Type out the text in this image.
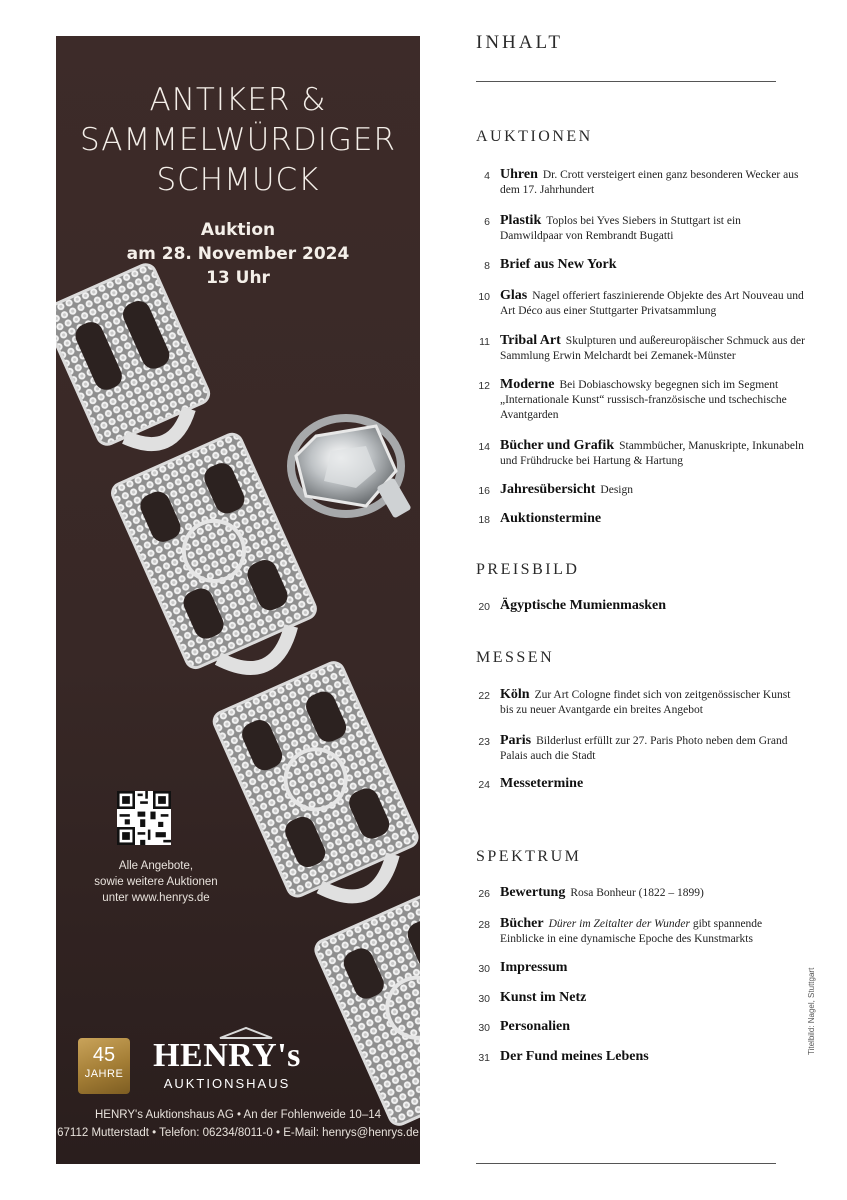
ANTIKER &
SAMMELWÜRDIGER
SCHMUCK
Auktion
am 28. November 2024
13 Uhr
Alle Angebote,
sowie weitere Auktionen
unter www.henrys.de
45
JAHRE HENRY's
AUKTIONSHAUS
HENRY's Auktionshaus AG • An der Fohlenweide 10–14
67112 Mutterstadt • Telefon: 06234/8011-0 • E-Mail: henrys@henrys.de
INHALT
AUKTIONEN
4 Uhren Dr. Crott versteigert einen ganz besonderen Wecker aus dem 17. Jahrhundert
6 Plastik Toplos bei Yves Siebers in Stuttgart ist ein Damwildpaar von Rembrandt Bugatti
8 Brief aus New York
10 Glas Nagel offeriert faszinierende Objekte des Art Nouveau und Art Déco aus einer Stuttgarter Privatsammlung
11 Tribal Art Skulpturen und außereuropäischer Schmuck aus der Sammlung Erwin Melchardt bei Zemanek-Münster
12 Moderne Bei Dobiaschowsky begegnen sich im Segment „Internationale Kunst“ russisch-französische und tschechische Avantgarden
14 Bücher und Grafik Stammbücher, Manuskripte, Inkunabeln und Frühdrucke bei Hartung & Hartung
16 Jahresübersicht Design
18 Auktionstermine
PREISBILD
20 Ägyptische Mumienmasken
MESSEN
22 Köln Zur Art Cologne findet sich von zeitgenössischer Kunst bis zu neuer Avantgarde ein breites Angebot
23 Paris Bilderlust erfüllt zur 27. Paris Photo neben dem Grand Palais auch die Stadt
24 Messetermine
SPEKTRUM
26 Bewertung Rosa Bonheur (1822 – 1899)
28 Bücher Dürer im Zeitalter der Wunder gibt spannende Einblicke in eine dynamische Epoche des Kunstmarkts
30 Impressum
30 Kunst im Netz
30 Personalien
31 Der Fund meines Lebens
Titelbild: Nagel, Stuttgart
